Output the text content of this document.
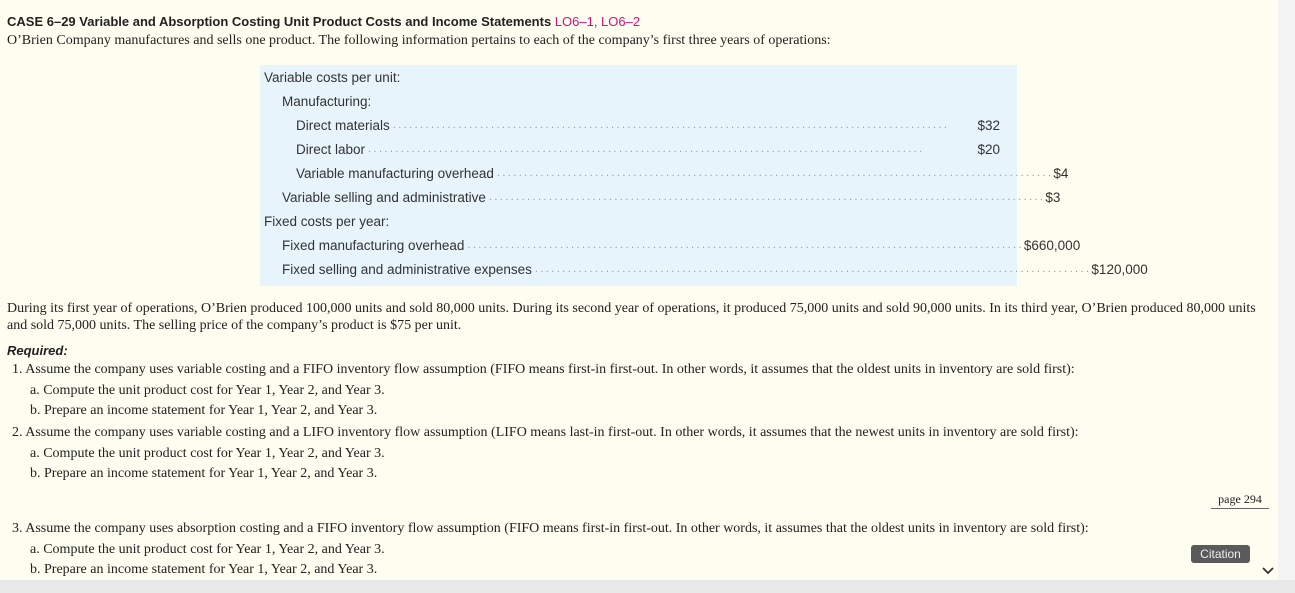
CASE 6–29 Variable and Absorption Costing Unit Product Costs and Income Statements LO6–1, LO6–2
O’Brien Company manufactures and sells one product. The following information pertains to each of the company’s first three years of operations:
Variable costs per unit:
Manufacturing:
Direct materials ......................................................................................................	$32
Direct labor ......................................................................................................	$20
Variable manufacturing overhead ...................................................................................................... $4
Variable selling and administrative ...................................................................................................... $3
Fixed costs per year:
Fixed manufacturing overhead ...................................................................................................... $660,000
Fixed selling and administrative expenses ...................................................................................................... $120,000
During its first year of operations, O’Brien produced 100,000 units and sold 80,000 units. During its second year of operations, it produced 75,000 units and sold 90,000 units. In its third year, O’Brien produced 80,000 units and sold 75,000 units. The selling price of the company’s product is $75 per unit.
Required:
1. Assume the company uses variable costing and a FIFO inventory flow assumption (FIFO means first-in first-out. In other words, it assumes that the oldest units in inventory are sold first):
a. Compute the unit product cost for Year 1, Year 2, and Year 3.
b. Prepare an income statement for Year 1, Year 2, and Year 3.
2. Assume the company uses variable costing and a LIFO inventory flow assumption (LIFO means last-in first-out. In other words, it assumes that the newest units in inventory are sold first):
a. Compute the unit product cost for Year 1, Year 2, and Year 3.
b. Prepare an income statement for Year 1, Year 2, and Year 3.
page 294
3. Assume the company uses absorption costing and a FIFO inventory flow assumption (FIFO means first-in first-out. In other words, it assumes that the oldest units in inventory are sold first):
a. Compute the unit product cost for Year 1, Year 2, and Year 3.
b. Prepare an income statement for Year 1, Year 2, and Year 3.
Citation
